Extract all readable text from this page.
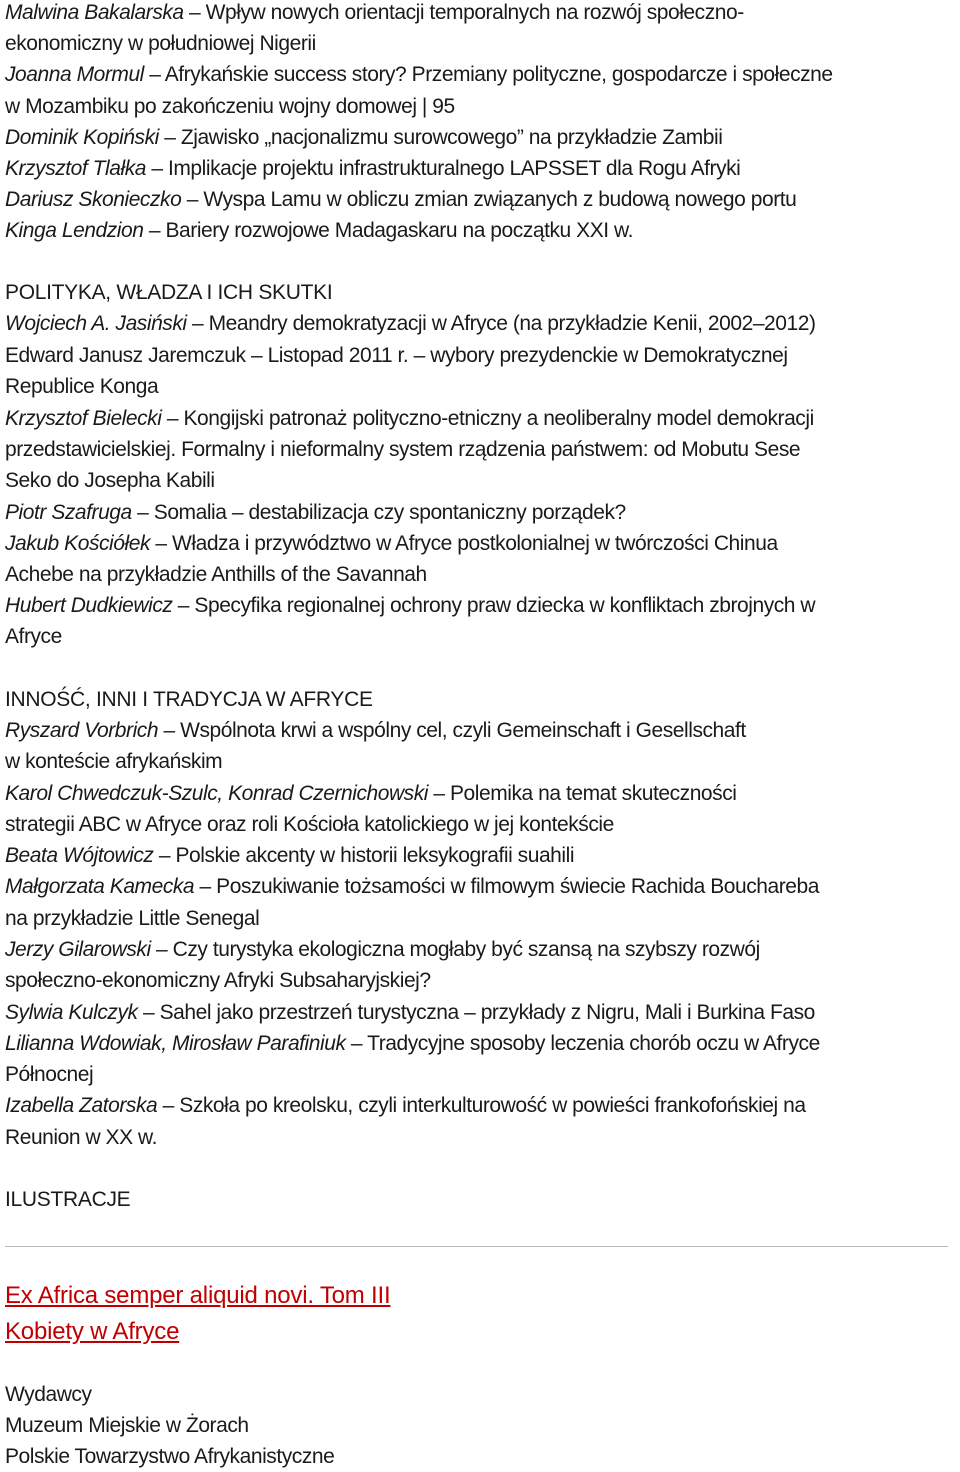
Malwina Bakalarska – Wpływ nowych orientacji temporalnych na rozwój społeczno-
ekonomiczny w południowej Nigerii
Joanna Mormul – Afrykańskie success story? Przemiany polityczne, gospodarcze i społeczne
w Mozambiku po zakończeniu wojny domowej | 95
Dominik Kopiński – Zjawisko „nacjonalizmu surowcowego” na przykładzie Zambii
Krzysztof Tlałka – Implikacje projektu infrastrukturalnego LAPSSET dla Rogu Afryki
Dariusz Skonieczko – Wyspa Lamu w obliczu zmian związanych z budową nowego portu
Kinga Lendzion – Bariery rozwojowe Madagaskaru na początku XXI w.
POLITYKA, WŁADZA I ICH SKUTKI
Wojciech A. Jasiński – Meandry demokratyzacji w Afryce (na przykładzie Kenii, 2002–2012)
Edward Janusz Jaremczuk – Listopad 2011 r. – wybory prezydenckie w Demokratycznej
Republice Konga
Krzysztof Bielecki – Kongijski patronaż polityczno-etniczny a neoliberalny model demokracji
przedstawicielskiej. Formalny i nieformalny system rządzenia państwem: od Mobutu Sese
Seko do Josepha Kabili
Piotr Szafruga – Somalia – destabilizacja czy spontaniczny porządek?
Jakub Kościółek – Władza i przywództwo w Afryce postkolonialnej w twórczości Chinua
Achebe na przykładzie Anthills of the Savannah
Hubert Dudkiewicz – Specyfika regionalnej ochrony praw dziecka w konfliktach zbrojnych w
Afryce
INNOŚĆ, INNI I TRADYCJA W AFRYCE
Ryszard Vorbrich – Wspólnota krwi a wspólny cel, czyli Gemeinschaft i Gesellschaft
w konteście afrykańskim
Karol Chwedczuk-Szulc, Konrad Czernichowski – Polemika na temat skuteczności
strategii ABC w Afryce oraz roli Kościoła katolickiego w jej kontekście
Beata Wójtowicz – Polskie akcenty w historii leksykografii suahili
Małgorzata Kamecka – Poszukiwanie tożsamości w filmowym świecie Rachida Bouchareba
na przykładzie Little Senegal
Jerzy Gilarowski – Czy turystyka ekologiczna mogłaby być szansą na szybszy rozwój
społeczno-ekonomiczny Afryki Subsaharyjskiej?
Sylwia Kulczyk – Sahel jako przestrzeń turystyczna – przykłady z Nigru, Mali i Burkina Faso
Lilianna Wdowiak, Mirosław Parafiniuk – Tradycyjne sposoby leczenia chorób oczu w Afryce
Północnej
Izabella Zatorska – Szkoła po kreolsku, czyli interkulturowość w powieści frankofońskiej na
Reunion w XX w.
ILUSTRACJE
Ex Africa semper aliquid novi. Tom III
Kobiety w Afryce
Wydawcy
Muzeum Miejskie w Żorach
Polskie Towarzystwo Afrykanistyczne
